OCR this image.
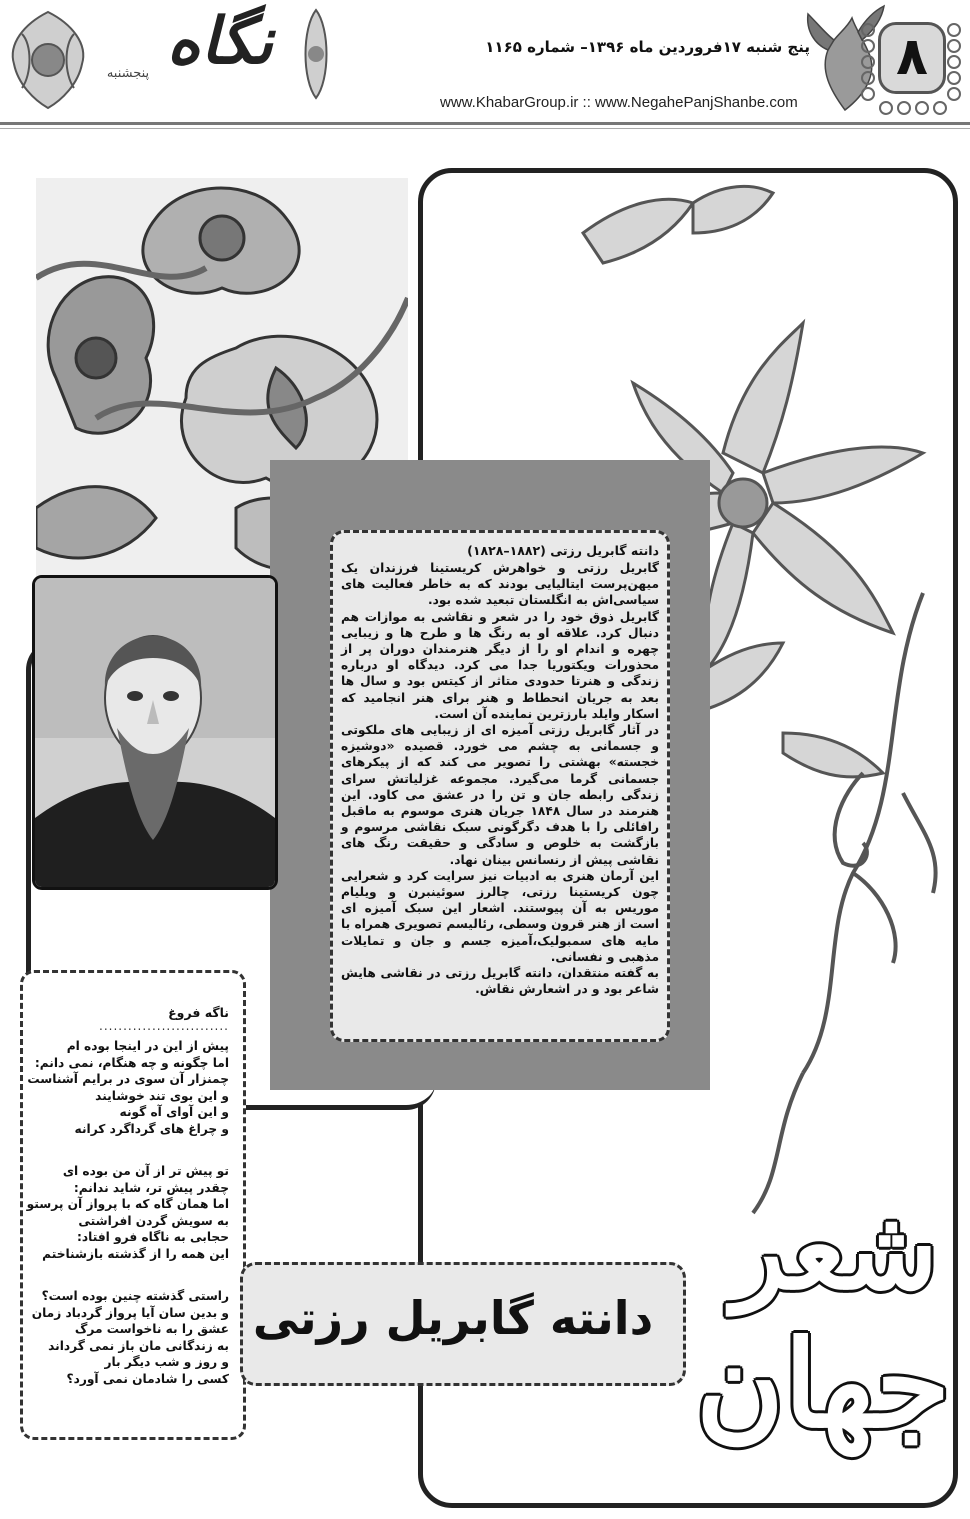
نگاه
پنجشنبه
پنج شنبه ۱۷فروردین ماه ۱۳۹۶– شماره ۱۱۶۵
www.KhabarGroup.ir :: www.NegahePanjShanbe.com
۸
دانته گابریل رزتی (۱۸۸۲–۱۸۲۸)

گابریل رزتی و خواهرش کریستینا فرزندان یک میهن‌پرست ایتالیایی بودند که به خاطر فعالیت های سیاسی‌اش به انگلستان تبعید شده بود.

گابریل ذوق خود را در شعر و نقاشی به موازات هم دنبال کرد. علاقه او به رنگ ها و طرح ها و زیبایی چهره و اندام او را از دیگر هنرمندان دوران پر از محذورات ویکتوریا جدا می کرد. دیدگاه او درباره زندگی و هنرتا حدودی متاثر از کیتس بود و سال ها بعد به جریان انحطاط و هنر برای هنر انجامید که اسکار وایلد بارزترین نماینده آن است.

در آثار گابریل رزتی آمیزه ای از زیبایی های ملکوتی و جسمانی به چشم می خورد. قصیده «دوشیزه خجسته» بهشتی را تصویر می کند که از پیکرهای جسمانی گرما می‌گیرد. مجموعه غزلیاتش سرای زندگی رابطه جان و تن را در عشق می کاود. این هنرمند در سال ۱۸۴۸ جریان هنری موسوم به ماقبل رافائلی را با هدف دگرگونی سبک نقاشی مرسوم و بازگشت به خلوص و سادگی و حقیقت رنگ های نقاشی پیش از رنسانس بینان نهاد.

این آرمان هنری به ادبیات نیز سرایت کرد و شعرایی چون کریستینا رزتی، چالرز سوئینبرن و ویلیام موریس به آن پیوستند. اشعار این سبک آمیزه ای است از هنر قرون وسطی، رئالیسم تصویری همراه با مایه های سمبولیک،آمیزه جسم و جان و تمایلات مذهبی و نفسانی.

به گفته منتقدان، دانته گابریل رزتی در نقاشی هایش شاعر بود و در اشعارش نقاش.

ناگه فروغ
...........................
پیش از این در اینجا بوده ام
اما چگونه و چه هنگام، نمی دانم:
چمنزار آن سوی در برایم آشناست
و این بوی تند خوشایند
و این آوای آه گونه
و چراغ های گرداگرد کرانه
تو پیش تر از آن من بوده ای
چقدر پیش تر، شاید ندانم:
اما همان گاه که با پرواز آن پرستو
به سویش گردن افراشتی
حجابی به ناگاه فرو افتاد:
این همه را از گذشته بازشناختم
راستی گذشته چنین بوده است؟
و بدین سان آیا پرواز گردباد زمان
عشق را به ناخواست مرگ
به زندگانی مان باز نمی گرداند
و روز و شب دیگر بار
کسی را شادمان نمی آورد؟
دانته گابریل رزتی
شعر
جهان
